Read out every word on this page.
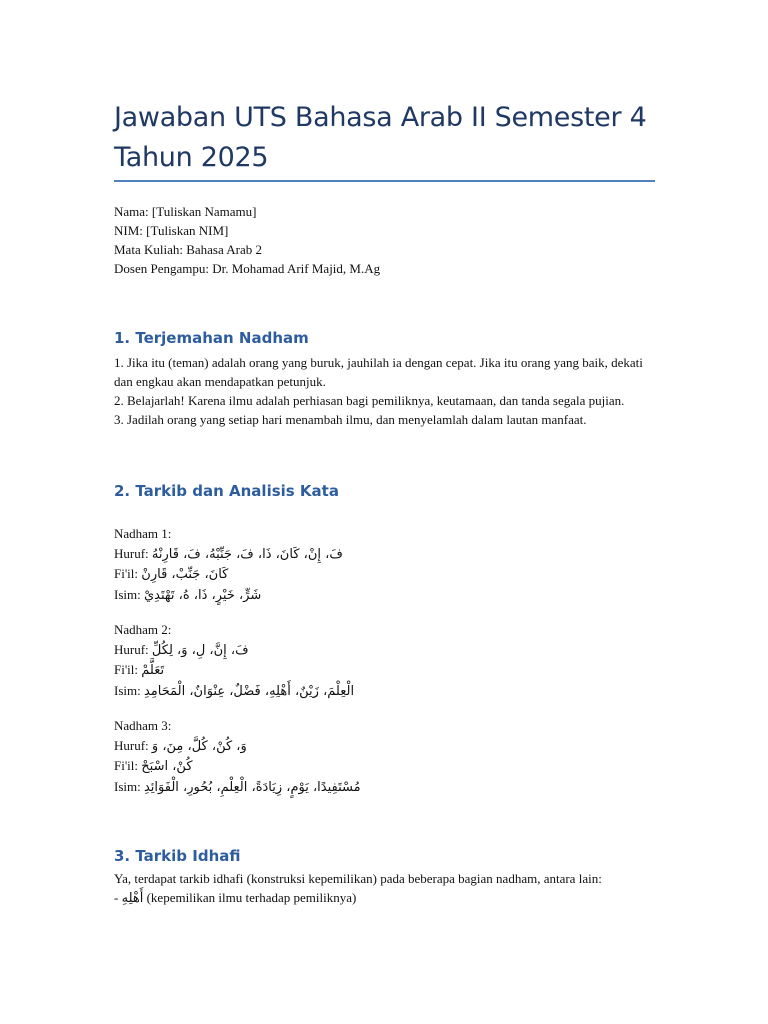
Jawaban UTS Bahasa Arab II Semester 4 Tahun 2025
Nama: [Tuliskan Namamu]
NIM: [Tuliskan NIM]
Mata Kuliah: Bahasa Arab 2
Dosen Pengampu: Dr. Mohamad Arif Majid, M.Ag
1. Terjemahan Nadham

1. Jika itu (teman) adalah orang yang buruk, jauhilah ia dengan cepat. Jika itu orang yang baik, dekati dan engkau akan mendapatkan petunjuk.

2. Belajarlah! Karena ilmu adalah perhiasan bagi pemiliknya, keutamaan, dan tanda segala pujian.

3. Jadilah orang yang setiap hari menambah ilmu, dan menyelamlah dalam lautan manfaat.

2. Tarkib dan Analisis Kata
Nadham 1:
Huruf: فَ، إِنْ، كَانَ، ذَا، فَ، جَنِّبْهُ، فَ، قَارِنْهُ
Fi'il: كَانَ، جَنِّبْ، قَارِنْ
Isim: شَرٍّ، خَيْرٍ، ذَا، هُ، تَهْتَدِيْ
Nadham 2:
Huruf: فَ، إِنَّ، لِ، وَ، لِكُلِّ
Fi'il: تَعَلَّمْ
Isim: الْعِلْمَ، زَيْنٌ، أَهْلِهِ، فَضْلٌ، عِنْوَانٌ، الْمَحَامِدِ
Nadham 3:
Huruf: وَ، كُنْ، كُلَّ، مِنَ، وَ
Fi'il: كُنْ، اسْبَحْ
Isim: مُسْتَفِيدًا، يَوْمٍ، زِيَادَةً، الْعِلْمِ، بُحُورِ، الْفَوَائِدِ
3. Tarkib Idhafi

Ya, terdapat tarkib idhafi (konstruksi kepemilikan) pada beberapa bagian nadham, antara lain:

- أَهْلِهِ (kepemilikan ilmu terhadap pemiliknya)
